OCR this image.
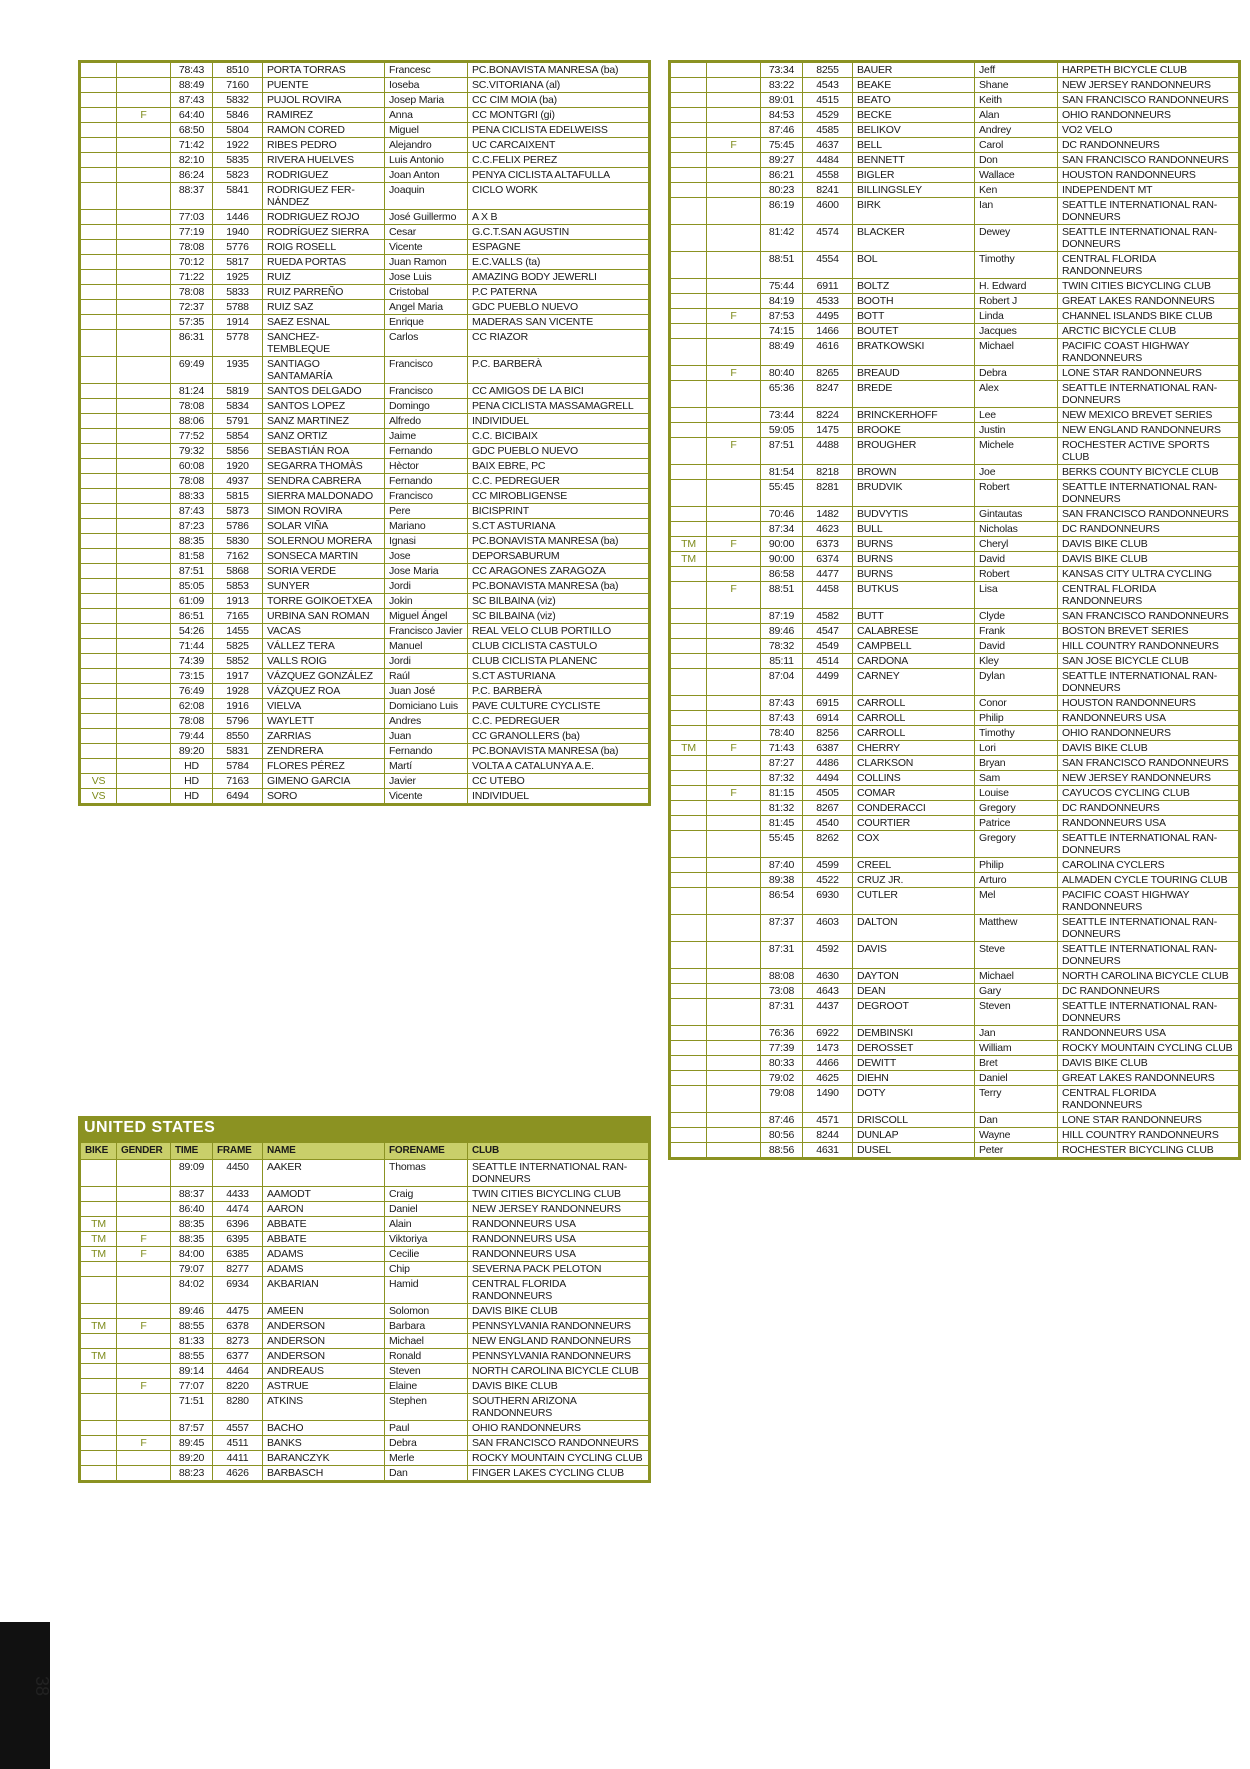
		78:43	8510	PORTA TORRAS	Francesc	PC.BONAVISTA MANRESA (ba)
		88:49	7160	PUENTE	Ioseba	SC.VITORIANA (al)
		87:43	5832	PUJOL ROVIRA	Josep Maria	CC CIM MOIA (ba)
	F	64:40	5846	RAMIREZ	Anna	CC MONTGRI (gi)
		68:50	5804	RAMON CORED	Miguel	PENA CICLISTA EDELWEISS
		71:42	1922	RIBES PEDRO	Alejandro	UC CARCAIXENT
		82:10	5835	RIVERA HUELVES	Luis Antonio	C.C.FELIX PEREZ
		86:24	5823	RODRIGUEZ	Joan Anton	PENYA CICLISTA ALTAFULLA
		88:37	5841	RODRIGUEZ FER-NÁNDEZ	Joaquin	CICLO WORK
		77:03	1446	RODRIGUEZ ROJO	José Guillermo	A X B
		77:19	1940	RODRÍGUEZ SIERRA	Cesar	G.C.T.SAN AGUSTIN
		78:08	5776	ROIG ROSELL	Vicente	ESPAGNE
		70:12	5817	RUEDA PORTAS	Juan Ramon	E.C.VALLS (ta)
		71:22	1925	RUIZ	Jose Luis	AMAZING BODY JEWERLI
		78:08	5833	RUIZ PARREÑO	Cristobal	P.C PATERNA
		72:37	5788	RUIZ SAZ	Angel Maria	GDC PUEBLO NUEVO
		57:35	1914	SAEZ ESNAL	Enrique	MADERAS SAN VICENTE
		86:31	5778	SANCHEZ-TEMBLEQUE	Carlos	CC RIAZOR
		69:49	1935	SANTIAGO SANTAMARÍA	Francisco	P.C. BARBERÀ
		81:24	5819	SANTOS DELGADO	Francisco	CC AMIGOS DE LA BICI
		78:08	5834	SANTOS LOPEZ	Domingo	PENA CICLISTA MASSAMAGRELL
		88:06	5791	SANZ MARTINEZ	Alfredo	INDIVIDUEL
		77:52	5854	SANZ ORTIZ	Jaime	C.C. BICIBAIX
		79:32	5856	SEBASTIÁN ROA	Fernando	GDC PUEBLO NUEVO
		60:08	1920	SEGARRA THOMÀS	Hèctor	BAIX EBRE, PC
		78:08	4937	SENDRA CABRERA	Fernando	C.C. PEDREGUER
		88:33	5815	SIERRA MALDONADO	Francisco	CC MIROBLIGENSE
		87:43	5873	SIMON ROVIRA	Pere	BICISPRINT
		87:23	5786	SOLAR VIÑA	Mariano	S.CT ASTURIANA
		88:35	5830	SOLERNOU MORERA	Ignasi	PC.BONAVISTA MANRESA (ba)
		81:58	7162	SONSECA MARTIN	Jose	DEPORSABURUM
		87:51	5868	SORIA VERDE	Jose Maria	CC ARAGONES ZARAGOZA
		85:05	5853	SUNYER	Jordi	PC.BONAVISTA MANRESA (ba)
		61:09	1913	TORRE GOIKOETXEA	Jokin	SC BILBAINA (viz)
		86:51	7165	URBINA SAN ROMAN	Miguel Ángel	SC BILBAINA (viz)
		54:26	1455	VACAS	Francisco Javier	REAL VELO CLUB PORTILLO
		71:44	5825	VÁLLEZ TERA	Manuel	CLUB CICLISTA CASTULO
		74:39	5852	VALLS ROIG	Jordi	CLUB CICLISTA PLANENC
		73:15	1917	VÁZQUEZ GONZÁLEZ	Raúl	S.CT ASTURIANA
		76:49	1928	VÁZQUEZ ROA	Juan José	P.C. BARBERÀ
		62:08	1916	VIELVA	Domiciano Luis	PAVE CULTURE CYCLISTE
		78:08	5796	WAYLETT	Andres	C.C. PEDREGUER
		79:44	8550	ZARRIAS	Juan	CC GRANOLLERS (ba)
		89:20	5831	ZENDRERA	Fernando	PC.BONAVISTA MANRESA (ba)
		HD	5784	FLORES PÉREZ	Martí	VOLTA A CATALUNYA A.E.
VS		HD	7163	GIMENO GARCIA	Javier	CC UTEBO
VS		HD	6494	SORO	Vicente	INDIVIDUEL
UNITED STATES
BIKE	GENDER	TIME	FRAME	NAME	FORENAME	CLUB
		89:09	4450	AAKER	Thomas	SEATTLE INTERNATIONAL RAN-DONNEURS
		88:37	4433	AAMODT	Craig	TWIN CITIES BICYCLING CLUB
		86:40	4474	AARON	Daniel	NEW JERSEY RANDONNEURS
TM		88:35	6396	ABBATE	Alain	RANDONNEURS USA
TM	F	88:35	6395	ABBATE	Viktoriya	RANDONNEURS USA
TM	F	84:00	6385	ADAMS	Cecilie	RANDONNEURS USA
		79:07	8277	ADAMS	Chip	SEVERNA PACK PELOTON
		84:02	6934	AKBARIAN	Hamid	CENTRAL FLORIDA RANDONNEURS
		89:46	4475	AMEEN	Solomon	DAVIS BIKE CLUB
TM	F	88:55	6378	ANDERSON	Barbara	PENNSYLVANIA RANDONNEURS
		81:33	8273	ANDERSON	Michael	NEW ENGLAND RANDONNEURS
TM		88:55	6377	ANDERSON	Ronald	PENNSYLVANIA RANDONNEURS
		89:14	4464	ANDREAUS	Steven	NORTH CAROLINA BICYCLE CLUB
	F	77:07	8220	ASTRUE	Elaine	DAVIS BIKE CLUB
		71:51	8280	ATKINS	Stephen	SOUTHERN ARIZONA RANDONNEURS
		87:57	4557	BACHO	Paul	OHIO RANDONNEURS
	F	89:45	4511	BANKS	Debra	SAN FRANCISCO RANDONNEURS
		89:20	4411	BARANCZYK	Merle	ROCKY MOUNTAIN CYCLING CLUB
		88:23	4626	BARBASCH	Dan	FINGER LAKES CYCLING CLUB
		73:34	8255	BAUER	Jeff	HARPETH BICYCLE CLUB
		83:22	4543	BEAKE	Shane	NEW JERSEY RANDONNEURS
		89:01	4515	BEATO	Keith	SAN FRANCISCO RANDONNEURS
		84:53	4529	BECKE	Alan	OHIO RANDONNEURS
		87:46	4585	BELIKOV	Andrey	VO2 VELO
	F	75:45	4637	BELL	Carol	DC RANDONNEURS
		89:27	4484	BENNETT	Don	SAN FRANCISCO RANDONNEURS
		86:21	4558	BIGLER	Wallace	HOUSTON RANDONNEURS
		80:23	8241	BILLINGSLEY	Ken	INDEPENDENT MT
		86:19	4600	BIRK	Ian	SEATTLE INTERNATIONAL RAN-DONNEURS
		81:42	4574	BLACKER	Dewey	SEATTLE INTERNATIONAL RAN-DONNEURS
		88:51	4554	BOL	Timothy	CENTRAL FLORIDA RANDONNEURS
		75:44	6911	BOLTZ	H. Edward	TWIN CITIES BICYCLING CLUB
		84:19	4533	BOOTH	Robert J	GREAT LAKES RANDONNEURS
	F	87:53	4495	BOTT	Linda	CHANNEL ISLANDS BIKE CLUB
		74:15	1466	BOUTET	Jacques	ARCTIC BICYCLE CLUB
		88:49	4616	BRATKOWSKI	Michael	PACIFIC COAST HIGHWAY RANDONNEURS
	F	80:40	8265	BREAUD	Debra	LONE STAR RANDONNEURS
		65:36	8247	BREDE	Alex	SEATTLE INTERNATIONAL RAN-DONNEURS
		73:44	8224	BRINCKERHOFF	Lee	NEW MEXICO BREVET SERIES
		59:05	1475	BROOKE	Justin	NEW ENGLAND RANDONNEURS
	F	87:51	4488	BROUGHER	Michele	ROCHESTER ACTIVE SPORTS CLUB
		81:54	8218	BROWN	Joe	BERKS COUNTY BICYCLE CLUB
		55:45	8281	BRUDVIK	Robert	SEATTLE INTERNATIONAL RAN-DONNEURS
		70:46	1482	BUDVYTIS	Gintautas	SAN FRANCISCO RANDONNEURS
		87:34	4623	BULL	Nicholas	DC RANDONNEURS
TM	F	90:00	6373	BURNS	Cheryl	DAVIS BIKE CLUB
TM		90:00	6374	BURNS	David	DAVIS BIKE CLUB
		86:58	4477	BURNS	Robert	KANSAS CITY ULTRA CYCLING
	F	88:51	4458	BUTKUS	Lisa	CENTRAL FLORIDA RANDONNEURS
		87:19	4582	BUTT	Clyde	SAN FRANCISCO RANDONNEURS
		89:46	4547	CALABRESE	Frank	BOSTON BREVET SERIES
		78:32	4549	CAMPBELL	David	HILL COUNTRY RANDONNEURS
		85:11	4514	CARDONA	Kley	SAN JOSE BICYCLE CLUB
		87:04	4499	CARNEY	Dylan	SEATTLE INTERNATIONAL RAN-DONNEURS
		87:43	6915	CARROLL	Conor	HOUSTON RANDONNEURS
		87:43	6914	CARROLL	Philip	RANDONNEURS USA
		78:40	8256	CARROLL	Timothy	OHIO RANDONNEURS
TM	F	71:43	6387	CHERRY	Lori	DAVIS BIKE CLUB
		87:27	4486	CLARKSON	Bryan	SAN FRANCISCO RANDONNEURS
		87:32	4494	COLLINS	Sam	NEW JERSEY RANDONNEURS
	F	81:15	4505	COMAR	Louise	CAYUCOS CYCLING CLUB
		81:32	8267	CONDERACCI	Gregory	DC RANDONNEURS
		81:45	4540	COURTIER	Patrice	RANDONNEURS USA
		55:45	8262	COX	Gregory	SEATTLE INTERNATIONAL RAN-DONNEURS
		87:40	4599	CREEL	Philip	CAROLINA CYCLERS
		89:38	4522	CRUZ JR.	Arturo	ALMADEN CYCLE TOURING CLUB
		86:54	6930	CUTLER	Mel	PACIFIC COAST HIGHWAY RANDONNEURS
		87:37	4603	DALTON	Matthew	SEATTLE INTERNATIONAL RAN-DONNEURS
		87:31	4592	DAVIS	Steve	SEATTLE INTERNATIONAL RAN-DONNEURS
		88:08	4630	DAYTON	Michael	NORTH CAROLINA BICYCLE CLUB
		73:08	4643	DEAN	Gary	DC RANDONNEURS
		87:31	4437	DEGROOT	Steven	SEATTLE INTERNATIONAL RAN-DONNEURS
		76:36	6922	DEMBINSKI	Jan	RANDONNEURS USA
		77:39	1473	DEROSSET	William	ROCKY MOUNTAIN CYCLING CLUB
		80:33	4466	DEWITT	Bret	DAVIS BIKE CLUB
		79:02	4625	DIEHN	Daniel	GREAT LAKES RANDONNEURS
		79:08	1490	DOTY	Terry	CENTRAL FLORIDA RANDONNEURS
		87:46	4571	DRISCOLL	Dan	LONE STAR RANDONNEURS
		80:56	8244	DUNLAP	Wayne	HILL COUNTRY RANDONNEURS
		88:56	4631	DUSEL	Peter	ROCHESTER BICYCLING CLUB
38
